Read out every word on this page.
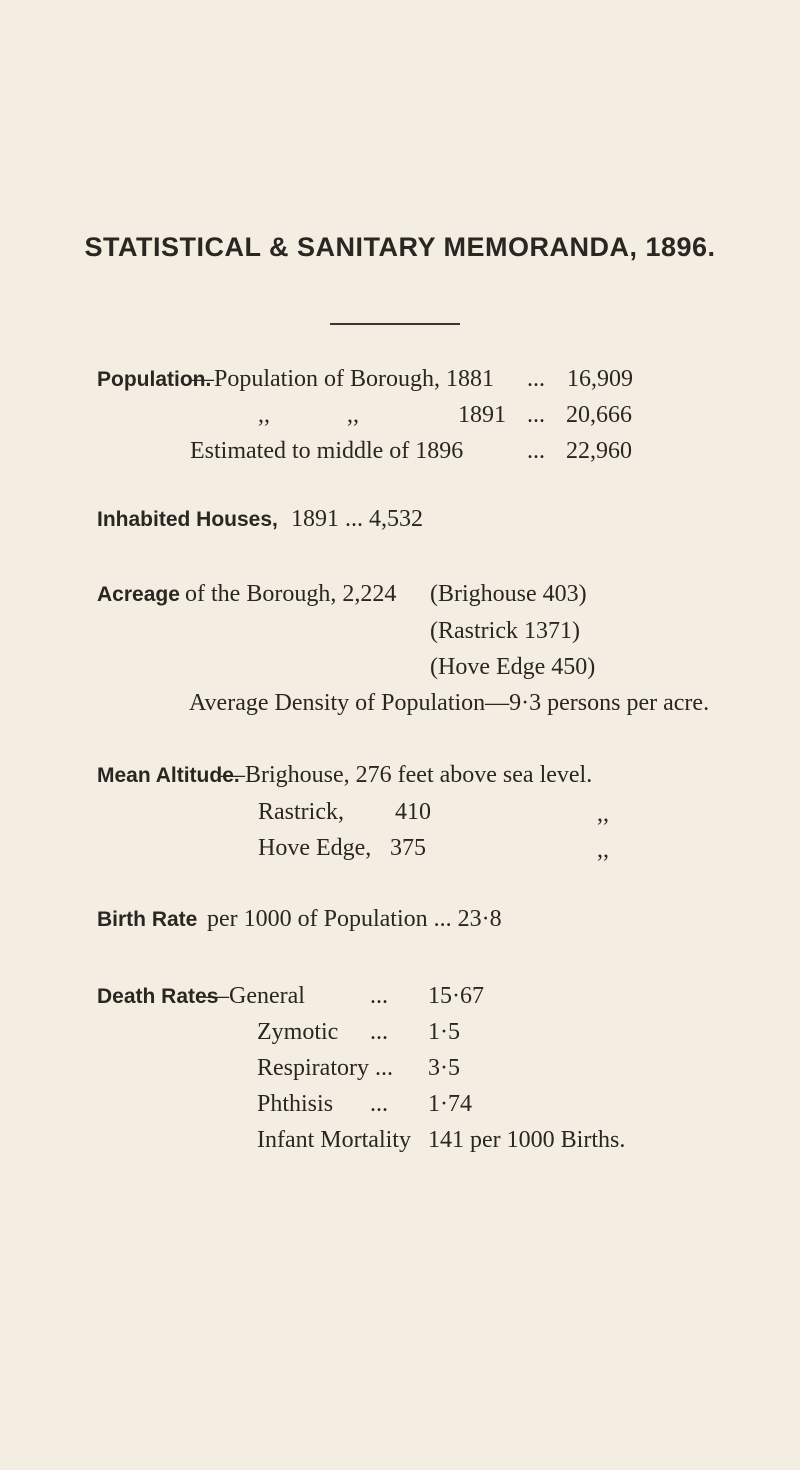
STATISTICAL & SANITARY MEMORANDA, 1896.
Population.
—Population of Borough, 1881 ... 16,909
,,	,,	1891 ... 20,666
Estimated to middle of 1896	... 22,960
Inhabited Houses, 1891 ... 4,532
Acreage of the Borough, 2,224 (Brighouse 403)
(Rastrick 1371)
(Hove Edge 450)
Average Density of Population—9·3 persons per acre.
Mean Altitude.
—Brighouse, 276 feet above sea level.
Rastrick, 410	,,
Hove Edge, 375	,,
Birth Rate per 1000 of Population ... 23·8
Death Rates
—General	... 15·67
Zymotic ... 1·5
Respiratory ... 3·5
Phthisis ... 1·74
Infant Mortality 141 per 1000 Births.
